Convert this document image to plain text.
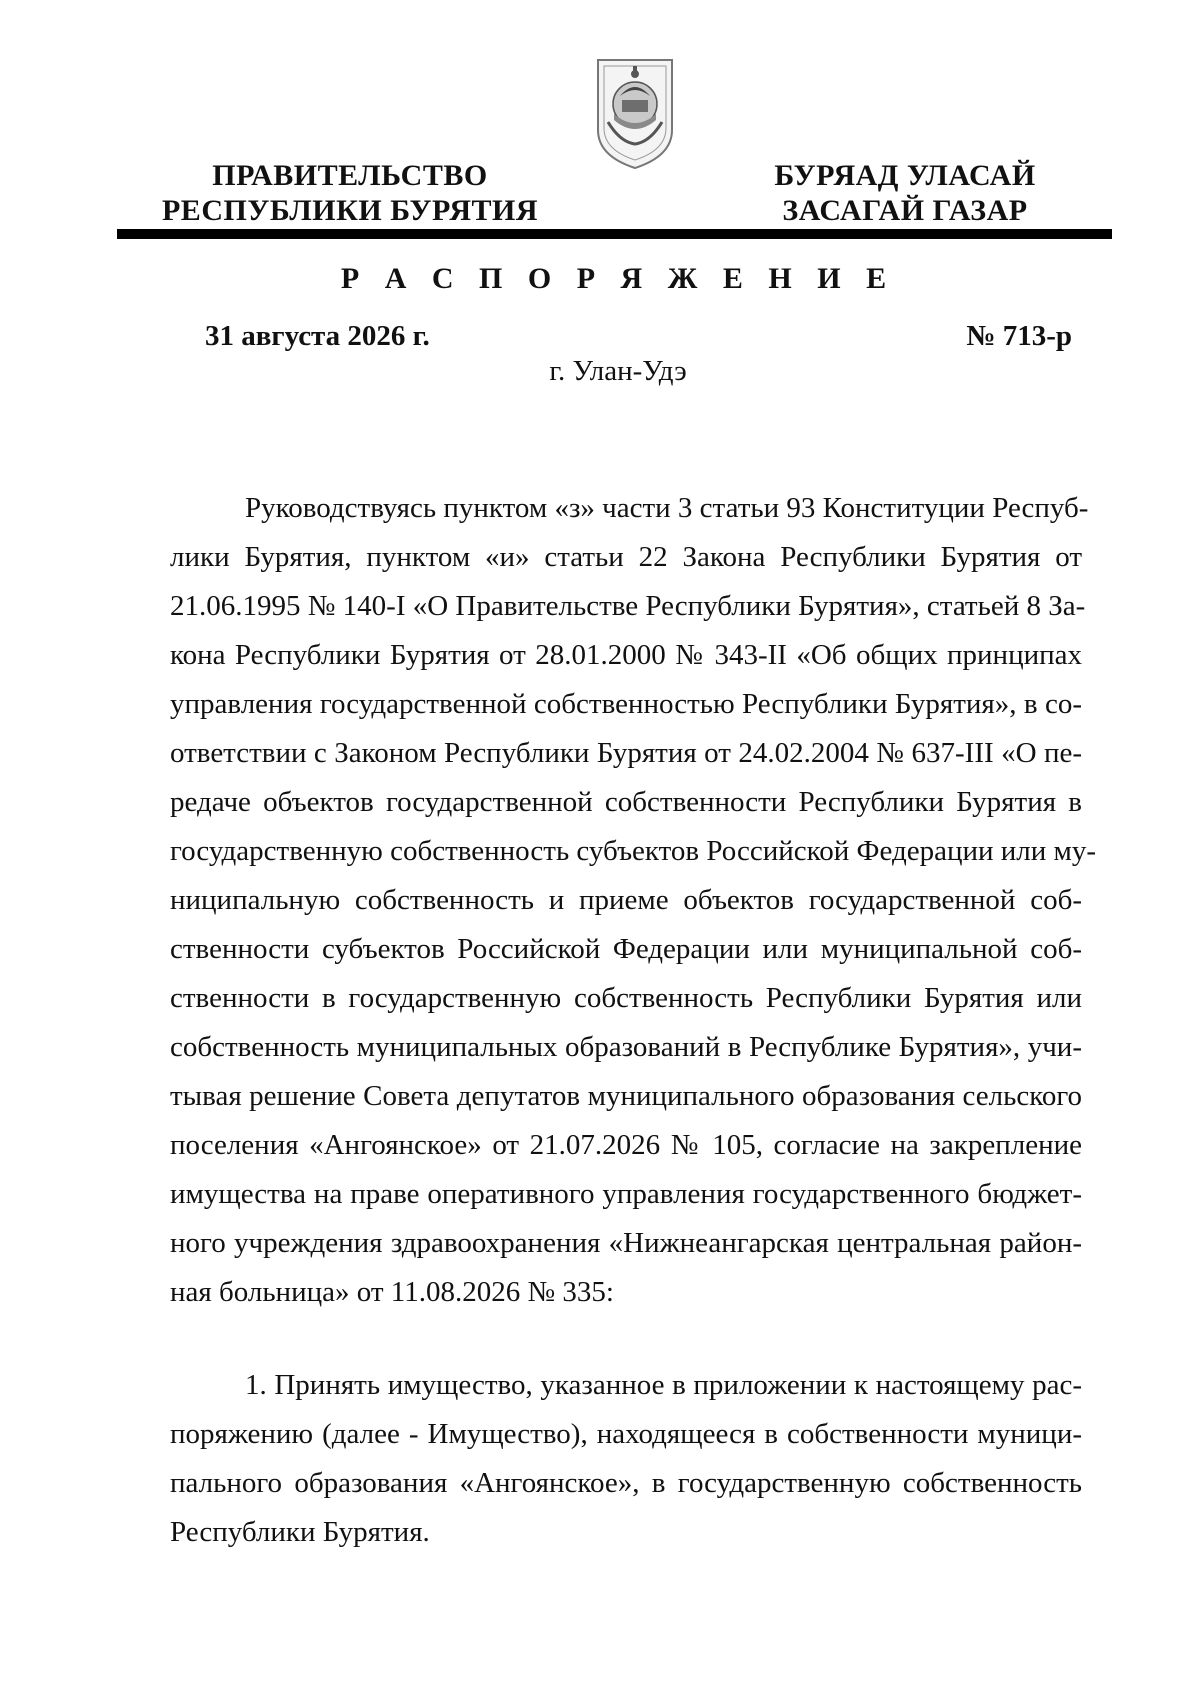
ПРАВИТЕЛЬСТВО
РЕСПУБЛИКИ БУРЯТИЯ
БУРЯАД УЛАСАЙ
ЗАСАГАЙ ГАЗАР
Р А С П О Р Я Ж Е Н И Е
31 августа 2026 г.	№ 713-р
г. Улан-Удэ
Руководствуясь пунктом «з» части 3 статьи 93 Конституции Респуб-
лики Бурятия, пунктом «и» статьи 22 Закона Республики Бурятия от
21.06.1995 № 140-I «О Правительстве Республики Бурятия», статьей 8 За-
кона Республики Бурятия от 28.01.2000 № 343-II «Об общих принципах
управления государственной собственностью Республики Бурятия», в со-
ответствии с Законом Республики Бурятия от 24.02.2004 № 637-III «О пе-
редаче объектов государственной собственности Республики Бурятия в
государственную собственность субъектов Российской Федерации или му-
ниципальную собственность и приеме объектов государственной соб-
ственности субъектов Российской Федерации или муниципальной соб-
ственности в государственную собственность Республики Бурятия или
собственность муниципальных образований в Республике Бурятия», учи-
тывая решение Совета депутатов муниципального образования сельского
поселения «Ангоянское» от 21.07.2026 № 105, согласие на закрепление
имущества на праве оперативного управления государственного бюджет-
ного учреждения здравоохранения «Нижнеангарская центральная район-
ная больница» от 11.08.2026 № 335:
1. Принять имущество, указанное в приложении к настоящему рас-
поряжению (далее - Имущество), находящееся в собственности муници-
пального образования «Ангоянское», в государственную собственность
Республики Бурятия.
